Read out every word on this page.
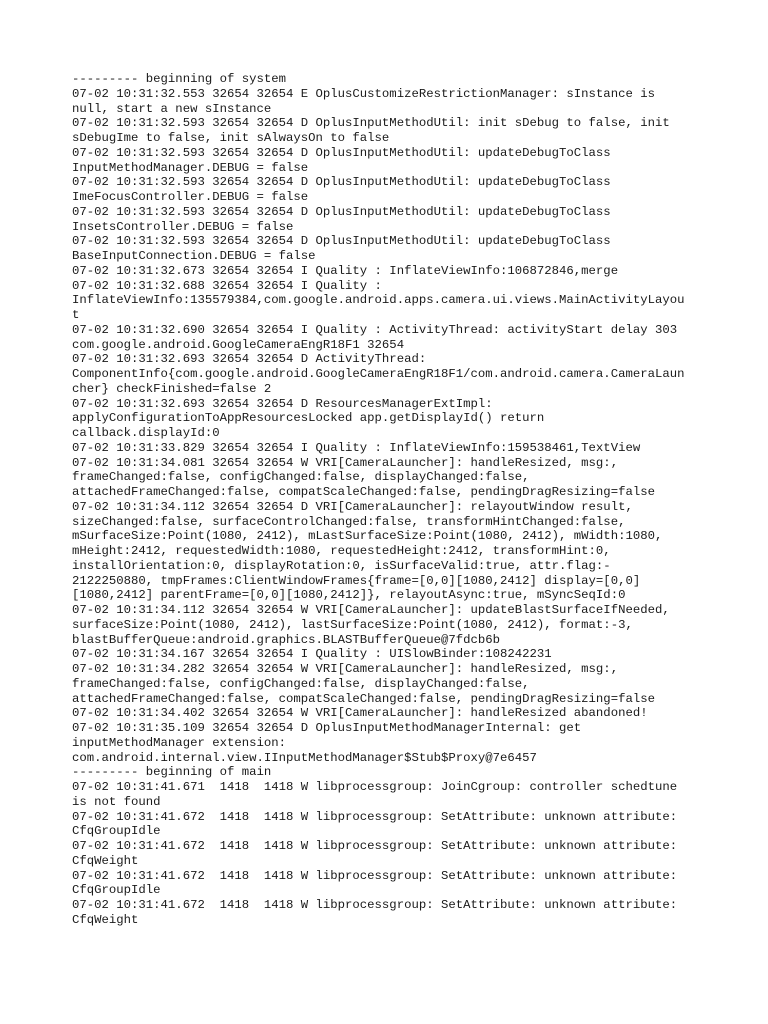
--------- beginning of system
07-02 10:31:32.553 32654 32654 E OplusCustomizeRestrictionManager: sInstance is
null, start a new sInstance
07-02 10:31:32.593 32654 32654 D OplusInputMethodUtil: init sDebug to false, init
sDebugIme to false, init sAlwaysOn to false
07-02 10:31:32.593 32654 32654 D OplusInputMethodUtil: updateDebugToClass
InputMethodManager.DEBUG = false
07-02 10:31:32.593 32654 32654 D OplusInputMethodUtil: updateDebugToClass
ImeFocusController.DEBUG = false
07-02 10:31:32.593 32654 32654 D OplusInputMethodUtil: updateDebugToClass
InsetsController.DEBUG = false
07-02 10:31:32.593 32654 32654 D OplusInputMethodUtil: updateDebugToClass
BaseInputConnection.DEBUG = false
07-02 10:31:32.673 32654 32654 I Quality : InflateViewInfo:106872846,merge
07-02 10:31:32.688 32654 32654 I Quality :
InflateViewInfo:135579384,com.google.android.apps.camera.ui.views.MainActivityLayou
t
07-02 10:31:32.690 32654 32654 I Quality : ActivityThread: activityStart delay 303
com.google.android.GoogleCameraEngR18F1 32654
07-02 10:31:32.693 32654 32654 D ActivityThread:
ComponentInfo{com.google.android.GoogleCameraEngR18F1/com.android.camera.CameraLaun
cher} checkFinished=false 2
07-02 10:31:32.693 32654 32654 D ResourcesManagerExtImpl:
applyConfigurationToAppResourcesLocked app.getDisplayId() return
callback.displayId:0
07-02 10:31:33.829 32654 32654 I Quality : InflateViewInfo:159538461,TextView
07-02 10:31:34.081 32654 32654 W VRI[CameraLauncher]: handleResized, msg:,
frameChanged:false, configChanged:false, displayChanged:false,
attachedFrameChanged:false, compatScaleChanged:false, pendingDragResizing=false
07-02 10:31:34.112 32654 32654 D VRI[CameraLauncher]: relayoutWindow result,
sizeChanged:false, surfaceControlChanged:false, transformHintChanged:false,
mSurfaceSize:Point(1080, 2412), mLastSurfaceSize:Point(1080, 2412), mWidth:1080,
mHeight:2412, requestedWidth:1080, requestedHeight:2412, transformHint:0,
installOrientation:0, displayRotation:0, isSurfaceValid:true, attr.flag:-
2122250880, tmpFrames:ClientWindowFrames{frame=[0,0][1080,2412] display=[0,0]
[1080,2412] parentFrame=[0,0][1080,2412]}, relayoutAsync:true, mSyncSeqId:0
07-02 10:31:34.112 32654 32654 W VRI[CameraLauncher]: updateBlastSurfaceIfNeeded,
surfaceSize:Point(1080, 2412), lastSurfaceSize:Point(1080, 2412), format:-3,
blastBufferQueue:android.graphics.BLASTBufferQueue@7fdcb6b
07-02 10:31:34.167 32654 32654 I Quality : UISlowBinder:108242231
07-02 10:31:34.282 32654 32654 W VRI[CameraLauncher]: handleResized, msg:,
frameChanged:false, configChanged:false, displayChanged:false,
attachedFrameChanged:false, compatScaleChanged:false, pendingDragResizing=false
07-02 10:31:34.402 32654 32654 W VRI[CameraLauncher]: handleResized abandoned!
07-02 10:31:35.109 32654 32654 D OplusInputMethodManagerInternal: get
inputMethodManager extension:
com.android.internal.view.IInputMethodManager$Stub$Proxy@7e6457
--------- beginning of main
07-02 10:31:41.671  1418  1418 W libprocessgroup: JoinCgroup: controller schedtune
is not found
07-02 10:31:41.672  1418  1418 W libprocessgroup: SetAttribute: unknown attribute:
CfqGroupIdle
07-02 10:31:41.672  1418  1418 W libprocessgroup: SetAttribute: unknown attribute:
CfqWeight
07-02 10:31:41.672  1418  1418 W libprocessgroup: SetAttribute: unknown attribute:
CfqGroupIdle
07-02 10:31:41.672  1418  1418 W libprocessgroup: SetAttribute: unknown attribute:
CfqWeight
